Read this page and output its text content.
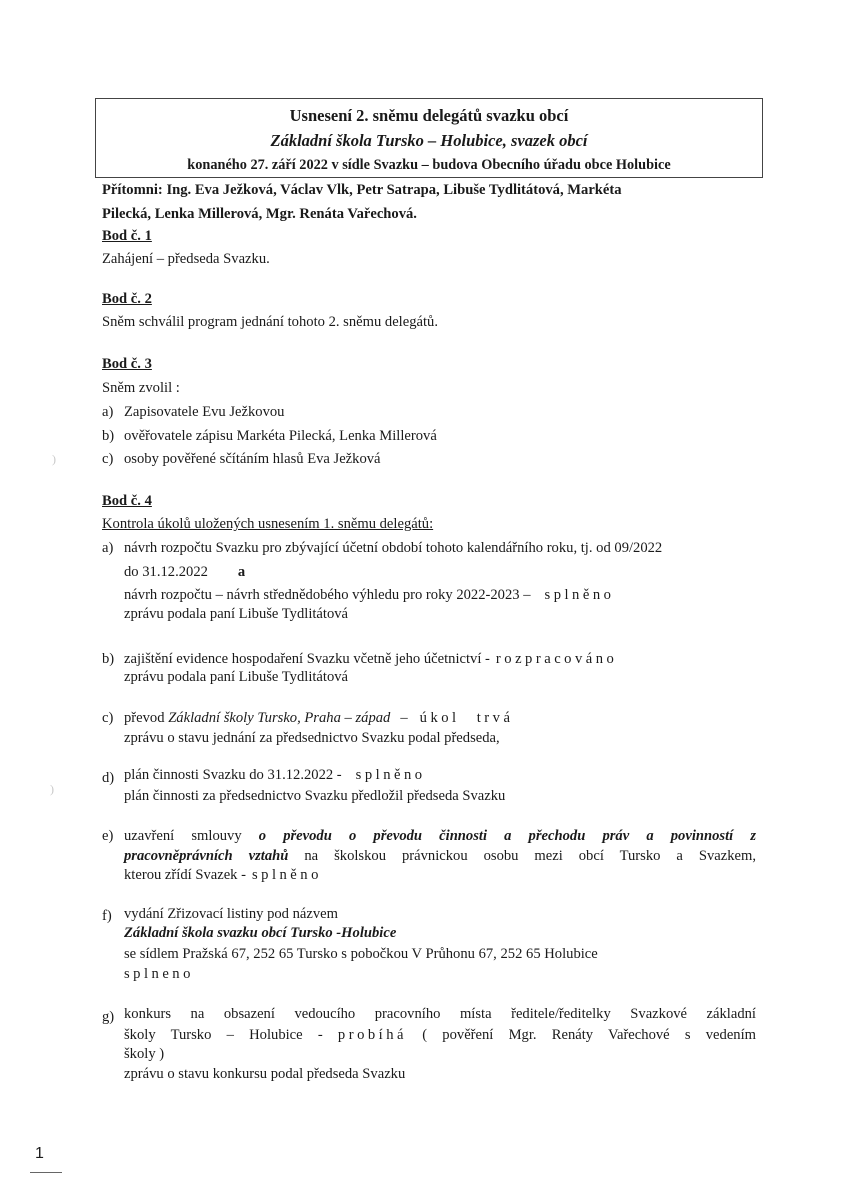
Usnesení 2. sněmu delegátů svazku obcí
Základní škola Tursko – Holubice, svazek obcí
konaného 27. září 2022 v sídle Svazku – budova Obecního úřadu obce Holubice
Přítomni: Ing. Eva Ježková, Václav Vlk, Petr Satrapa, Libuše Tydlitátová, Markéta
Pilecká, Lenka Millerová, Mgr. Renáta Vařechová.
Bod č. 1
Zahájení – předseda Svazku.
Bod č. 2
Sněm schválil program jednání tohoto 2. sněmu delegátů.
Bod č. 3
Sněm zvolil :
a) Zapisovatele Evu Ježkovou
b) ověřovatele zápisu Markéta Pilecká, Lenka Millerová
c) osoby pověřené sčítáním hlasů Eva Ježková
Bod č. 4
Kontrola úkolů uložených usnesením 1. sněmu delegátů:
a) návrh rozpočtu Svazku pro zbývající účetní období tohoto kalendářního roku, tj. od 09/2022
do 31.12.2022 a
návrh rozpočtu – návrh střednědobého výhledu pro roky 2022-2023 – splněno
zprávu podala paní Libuše Tydlitátová
b) zajištění evidence hospodaření Svazku včetně jeho účetnictví - rozpracováno
zprávu podala paní Libuše Tydlitátová
c) převod Základní školy Tursko, Praha – západ – úkol trvá
zprávu o stavu jednání za předsednictvo Svazku podal předseda,
d) plán činnosti Svazku do 31.12.2022 - splněno
plán činnosti za předsednictvo Svazku předložil předseda Svazku
e) uzavření smlouvy o převodu o převodu činnosti a přechodu práv a povinností z
pracovněprávních vztahů na školskou právnickou osobu mezi obcí Tursko a Svazkem,
kterou zřídí Svazek - splněno
f) vydání Zřizovací listiny pod názvem
Základní škola svazku obcí Tursko -Holubice
se sídlem Pražská 67, 252 65 Tursko s pobočkou V Průhonu 67, 252 65 Holubice
splneno
g) konkurs na obsazení vedoucího pracovního místa ředitele/ředitelky Svazkové základní
školy Tursko – Holubice - probíhá ( pověření Mgr. Renáty Vařechové s vedením
školy )
zprávu o stavu konkursu podal předseda Svazku
)
)
1
